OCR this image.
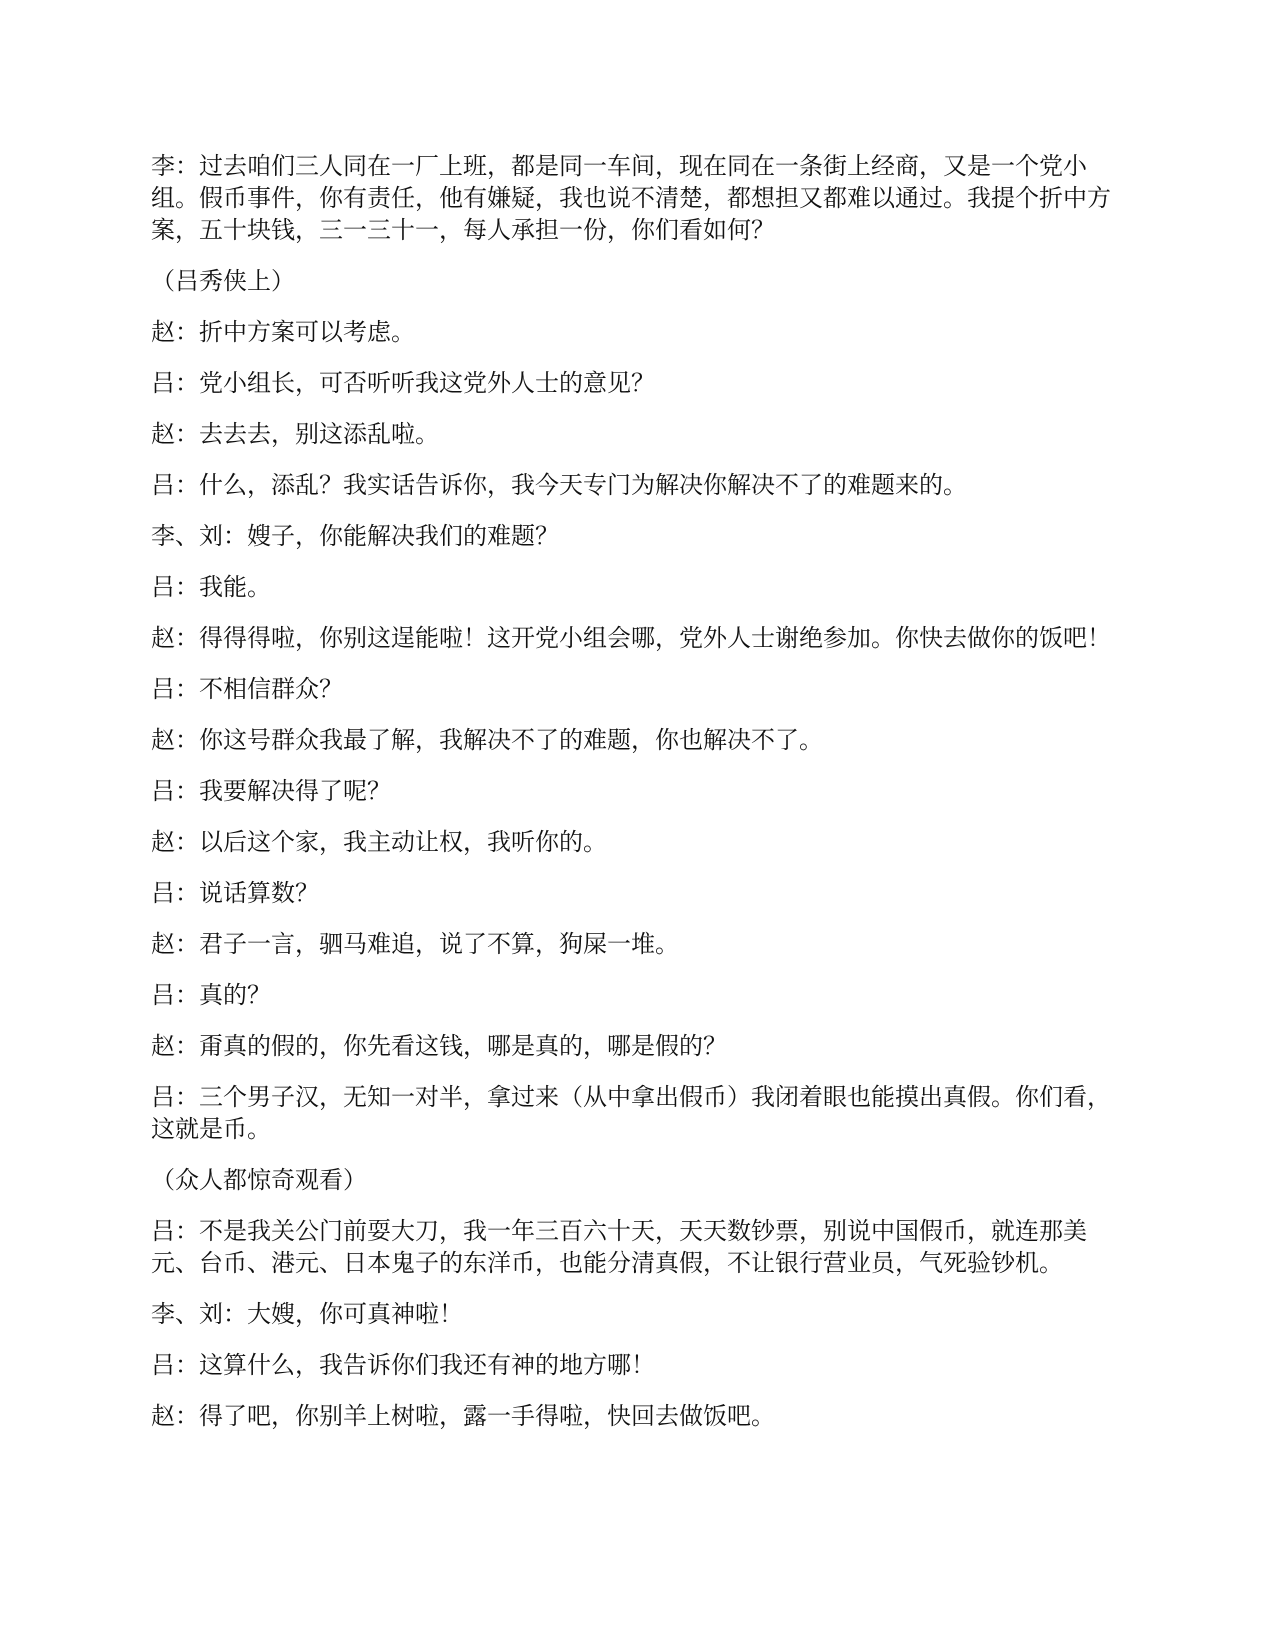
李：过去咱们三人同在一厂上班，都是同一车间，现在同在一条街上经商，又是一个党小组。假币事件，你有责任，他有嫌疑，我也说不清楚，都想担又都难以通过。我提个折中方案，五十块钱，三一三十一，每人承担一份，你们看如何？

（吕秀侠上）

赵：折中方案可以考虑。

吕：党小组长，可否听听我这党外人士的意见？

赵：去去去，别这添乱啦。

吕：什么，添乱？我实话告诉你，我今天专门为解决你解决不了的难题来的。

李、刘：嫂子，你能解决我们的难题？

吕：我能。

赵：得得得啦，你别这逞能啦！这开党小组会哪，党外人士谢绝参加。你快去做你的饭吧！

吕：不相信群众？

赵：你这号群众我最了解，我解决不了的难题，你也解决不了。

吕：我要解决得了呢？

赵：以后这个家，我主动让权，我听你的。

吕：说话算数？

赵：君子一言，驷马难追，说了不算，狗屎一堆。

吕：真的？

赵：甭真的假的，你先看这钱，哪是真的，哪是假的？

吕：三个男子汉，无知一对半，拿过来（从中拿出假币）我闭着眼也能摸出真假。你们看，这就是币。

（众人都惊奇观看）

吕：不是我关公门前耍大刀，我一年三百六十天，天天数钞票，别说中国假币，就连那美元、台币、港元、日本鬼子的东洋币，也能分清真假，不让银行营业员，气死验钞机。

李、刘：大嫂，你可真神啦！

吕：这算什么，我告诉你们我还有神的地方哪！

赵：得了吧，你别羊上树啦，露一手得啦，快回去做饭吧。
